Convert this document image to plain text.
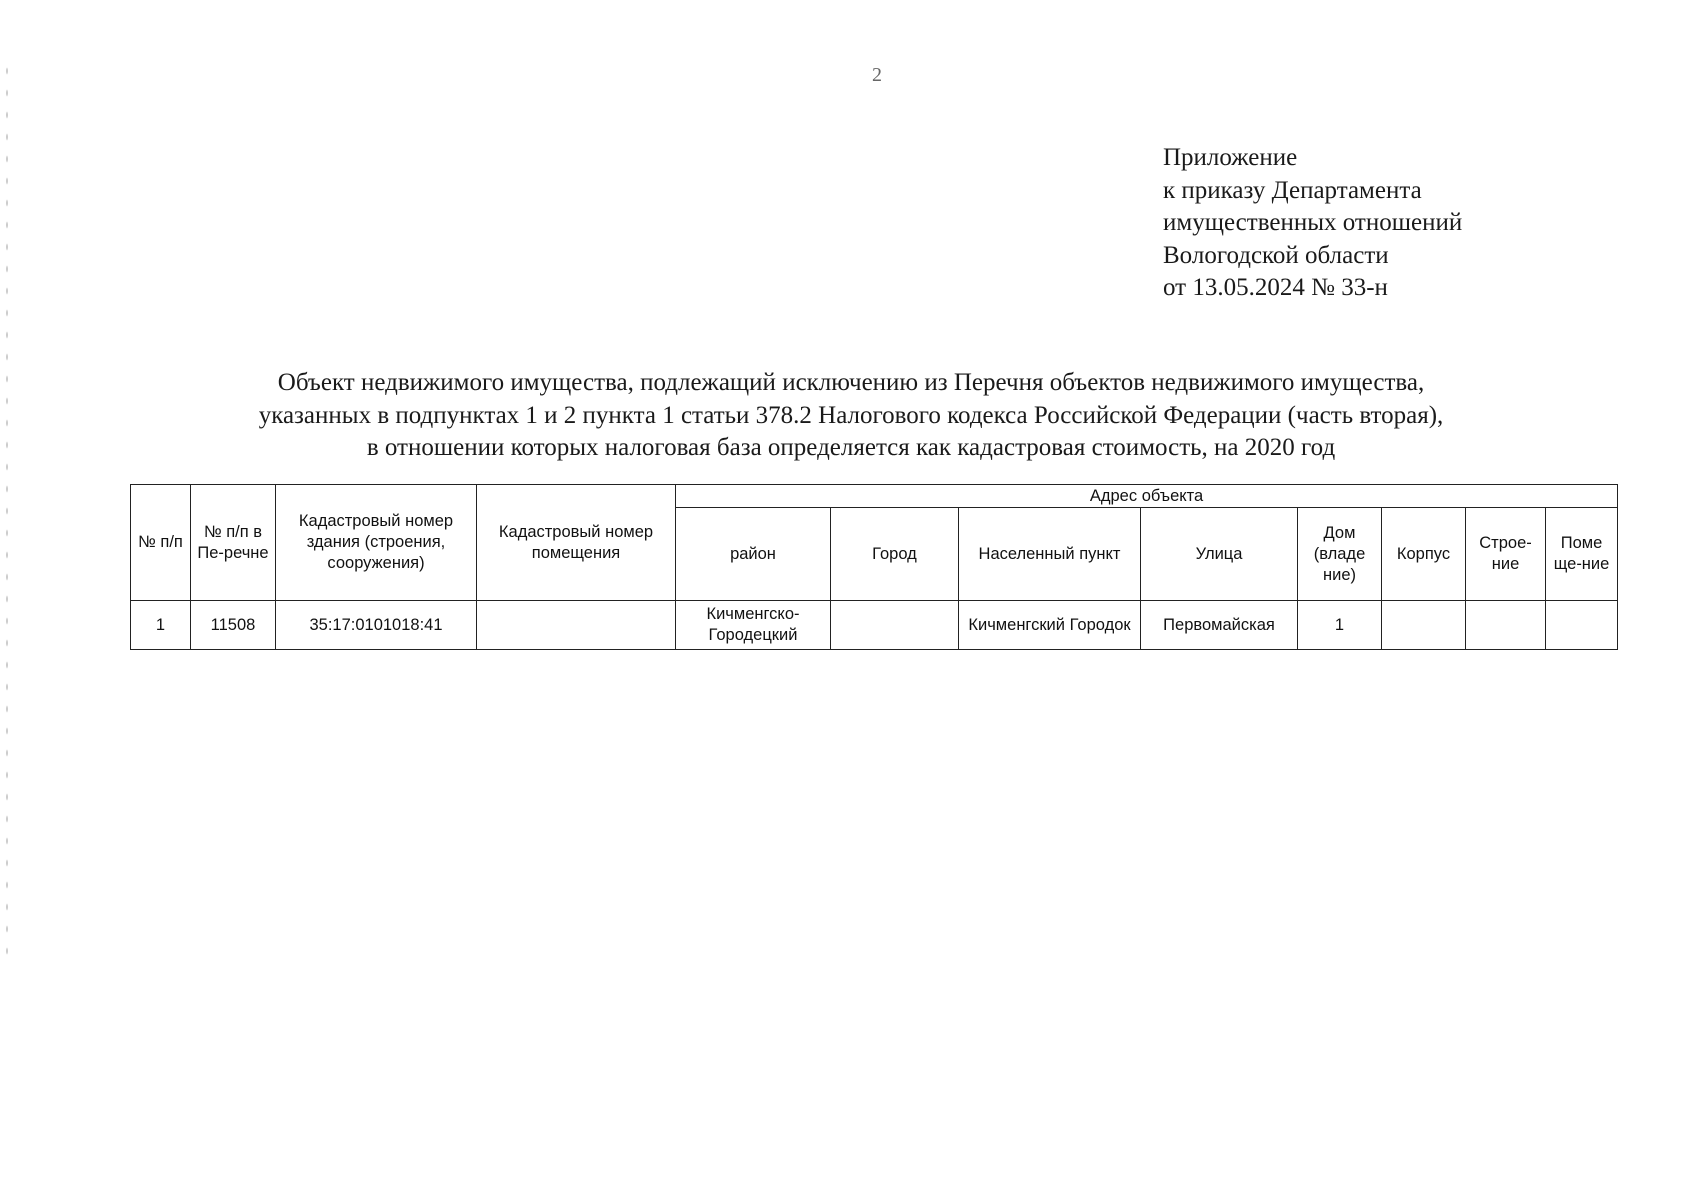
2
Приложение
к приказу Департамента
имущественных отношений
Вологодской области
от 13.05.2024 № 33-н
Объект недвижимого имущества, подлежащий исключению из Перечня объектов недвижимого имущества,
указанных в подпунктах 1 и 2 пункта 1 статьи 378.2 Налогового кодекса Российской Федерации (часть вторая),
в отношении которых налоговая база определяется как кадастровая стоимость, на 2020 год
№ п/п	№ п/п в Пе-речне	Кадастровый номер здания (строения, сооружения)	Кадастровый номер помещения	Адрес объекта							
				район	Город	Населенный пункт	Улица	Дом (владе ние)	Корпус	Строе-ние	Поме ще-ние
1	11508	35:17:0101018:41		Кичменгско-Городецкий		Кичменгский Городок	Первомайская	1			
